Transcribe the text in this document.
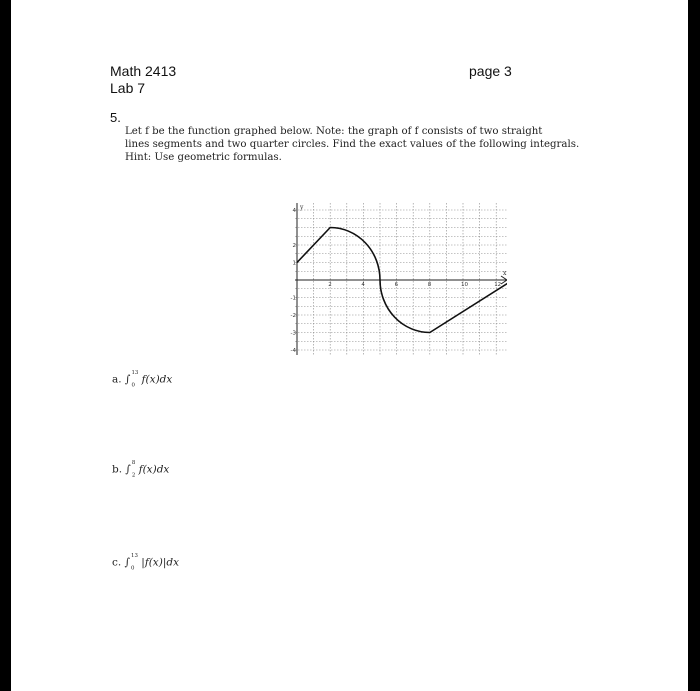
Math 2413
Lab 7
page 3
5.
Let f be the function graphed below. Note: the graph of f consists of two straight
lines segments and two quarter circles. Find the exact values of the following integrals.
Hint: Use geometric formulas.
y
x
2	4	6	8	10	12
4
2
1
-1
-2
-3
-4
a. ∫$^{13}$
$_0$ f(x)dx
b. ∫$^8$
$_2$ f(x)dx
c. ∫$^{13}$
$_0$ |f(x)|dx
